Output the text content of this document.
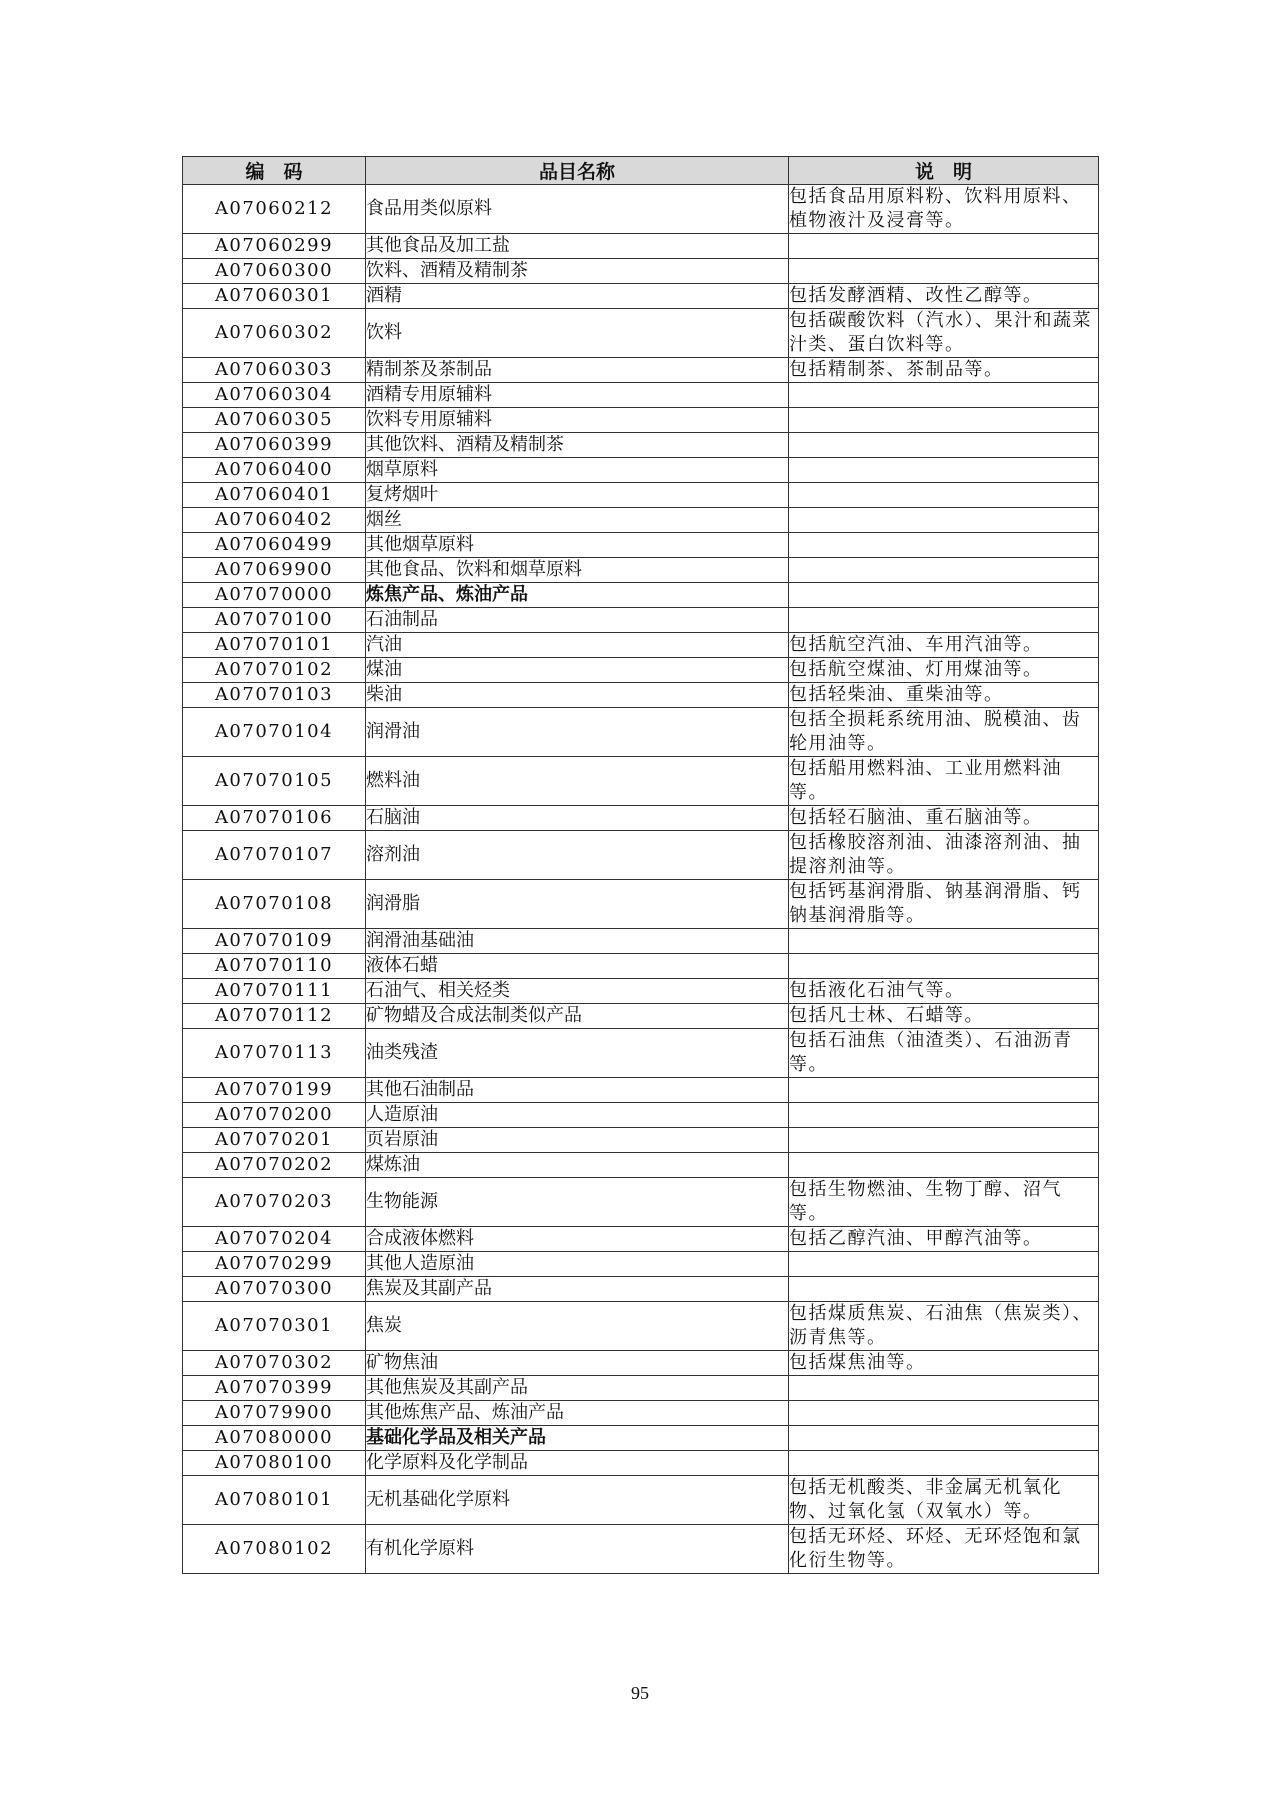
编　码	品目名称	说　明
A07060212	食品用类似原料	包括食品用原料粉、饮料用原料、植物液汁及浸膏等。
A07060299	其他食品及加工盐	
A07060300	饮料、酒精及精制茶	
A07060301	酒精	包括发酵酒精、改性乙醇等。
A07060302	饮料	包括碳酸饮料（汽水）、果汁和蔬菜汁类、蛋白饮料等。
A07060303	精制茶及茶制品	包括精制茶、茶制品等。
A07060304	酒精专用原辅料	
A07060305	饮料专用原辅料	
A07060399	其他饮料、酒精及精制茶	
A07060400	烟草原料	
A07060401	复烤烟叶	
A07060402	烟丝	
A07060499	其他烟草原料	
A07069900	其他食品、饮料和烟草原料	
A07070000	炼焦产品、炼油产品	
A07070100	石油制品	
A07070101	汽油	包括航空汽油、车用汽油等。
A07070102	煤油	包括航空煤油、灯用煤油等。
A07070103	柴油	包括轻柴油、重柴油等。
A07070104	润滑油	包括全损耗系统用油、脱模油、齿轮用油等。
A07070105	燃料油	包括船用燃料油、工业用燃料油等。
A07070106	石脑油	包括轻石脑油、重石脑油等。
A07070107	溶剂油	包括橡胶溶剂油、油漆溶剂油、抽提溶剂油等。
A07070108	润滑脂	包括钙基润滑脂、钠基润滑脂、钙钠基润滑脂等。
A07070109	润滑油基础油	
A07070110	液体石蜡	
A07070111	石油气、相关烃类	包括液化石油气等。
A07070112	矿物蜡及合成法制类似产品	包括凡士林、石蜡等。
A07070113	油类残渣	包括石油焦（油渣类）、石油沥青等。
A07070199	其他石油制品	
A07070200	人造原油	
A07070201	页岩原油	
A07070202	煤炼油	
A07070203	生物能源	包括生物燃油、生物丁醇、沼气等。
A07070204	合成液体燃料	包括乙醇汽油、甲醇汽油等。
A07070299	其他人造原油	
A07070300	焦炭及其副产品	
A07070301	焦炭	包括煤质焦炭、石油焦（焦炭类）、沥青焦等。
A07070302	矿物焦油	包括煤焦油等。
A07070399	其他焦炭及其副产品	
A07079900	其他炼焦产品、炼油产品	
A07080000	基础化学品及相关产品	
A07080100	化学原料及化学制品	
A07080101	无机基础化学原料	包括无机酸类、非金属无机氧化物、过氧化氢（双氧水）等。
A07080102	有机化学原料	包括无环烃、环烃、无环烃饱和氯化衍生物等。
95
